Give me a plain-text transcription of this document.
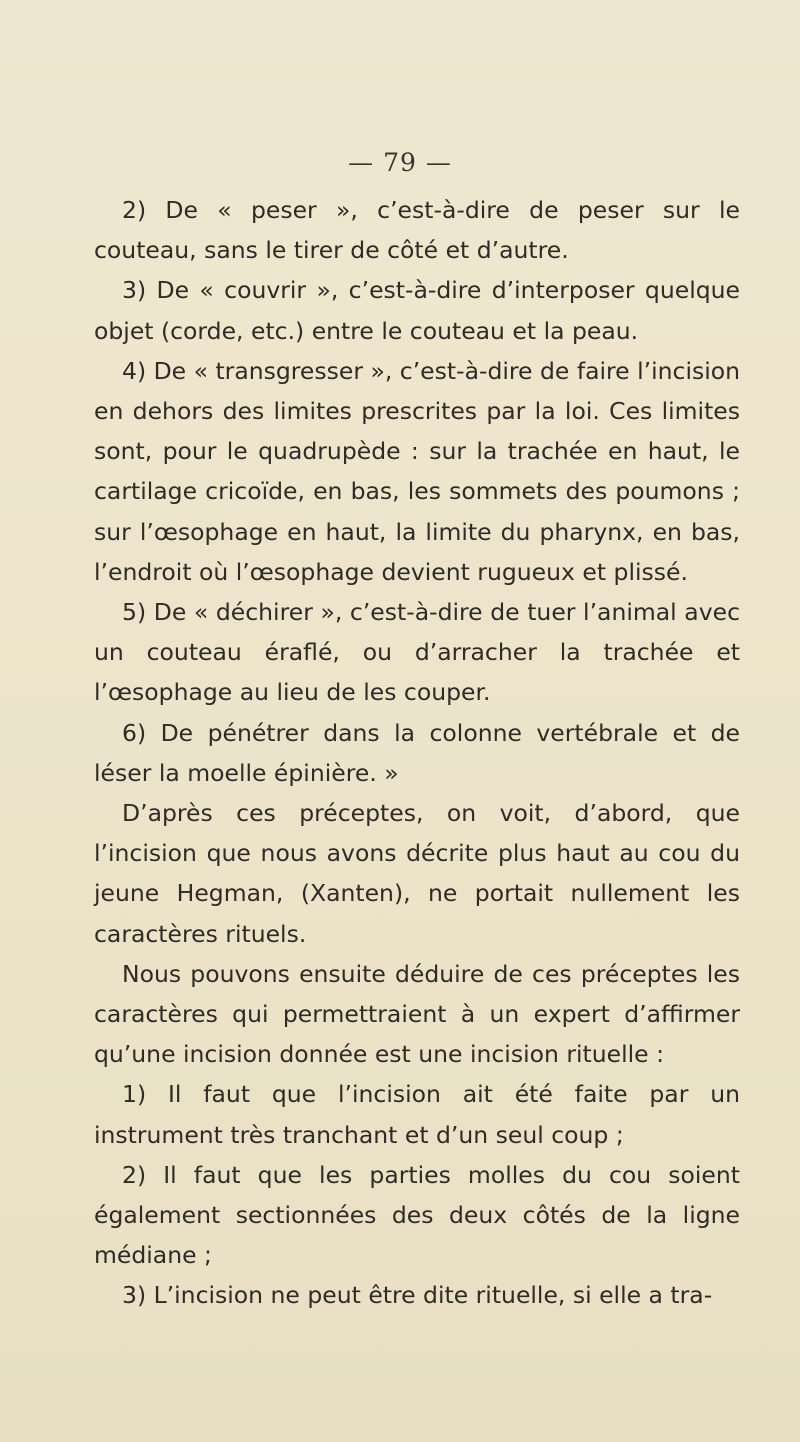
— 79 —

2) De « peser », c’est-à-dire de peser sur le couteau, sans le tirer de côté et d’autre.

3) De « couvrir », c’est-à-dire d’interposer quelque objet (corde, etc.) entre le couteau et la peau.

4) De « transgresser », c’est-à-dire de faire l’incision en dehors des limites prescrites par la loi. Ces limites sont, pour le quadrupède : sur la trachée en haut, le cartilage cricoïde, en bas, les sommets des poumons ; sur l’œsophage en haut, la limite du pharynx, en bas, l’endroit où l’œsophage devient rugueux et plissé.

5) De « déchirer », c’est-à-dire de tuer l’animal avec un couteau éraflé, ou d’arracher la trachée et l’œsophage au lieu de les couper.

6) De pénétrer dans la colonne vertébrale et de léser la moelle épinière. »

D’après ces préceptes, on voit, d’abord, que l’incision que nous avons décrite plus haut au cou du jeune Hegman, (Xanten), ne portait nullement les caractères rituels.

Nous pouvons ensuite déduire de ces préceptes les caractères qui permettraient à un expert d’affirmer qu’une incision donnée est une incision rituelle :

1) Il faut que l’incision ait été faite par un instrument très tranchant et d’un seul coup ;

2) Il faut que les parties molles du cou soient également sectionnées des deux côtés de la ligne médiane ;

3) L’incision ne peut être dite rituelle, si elle a tra-
